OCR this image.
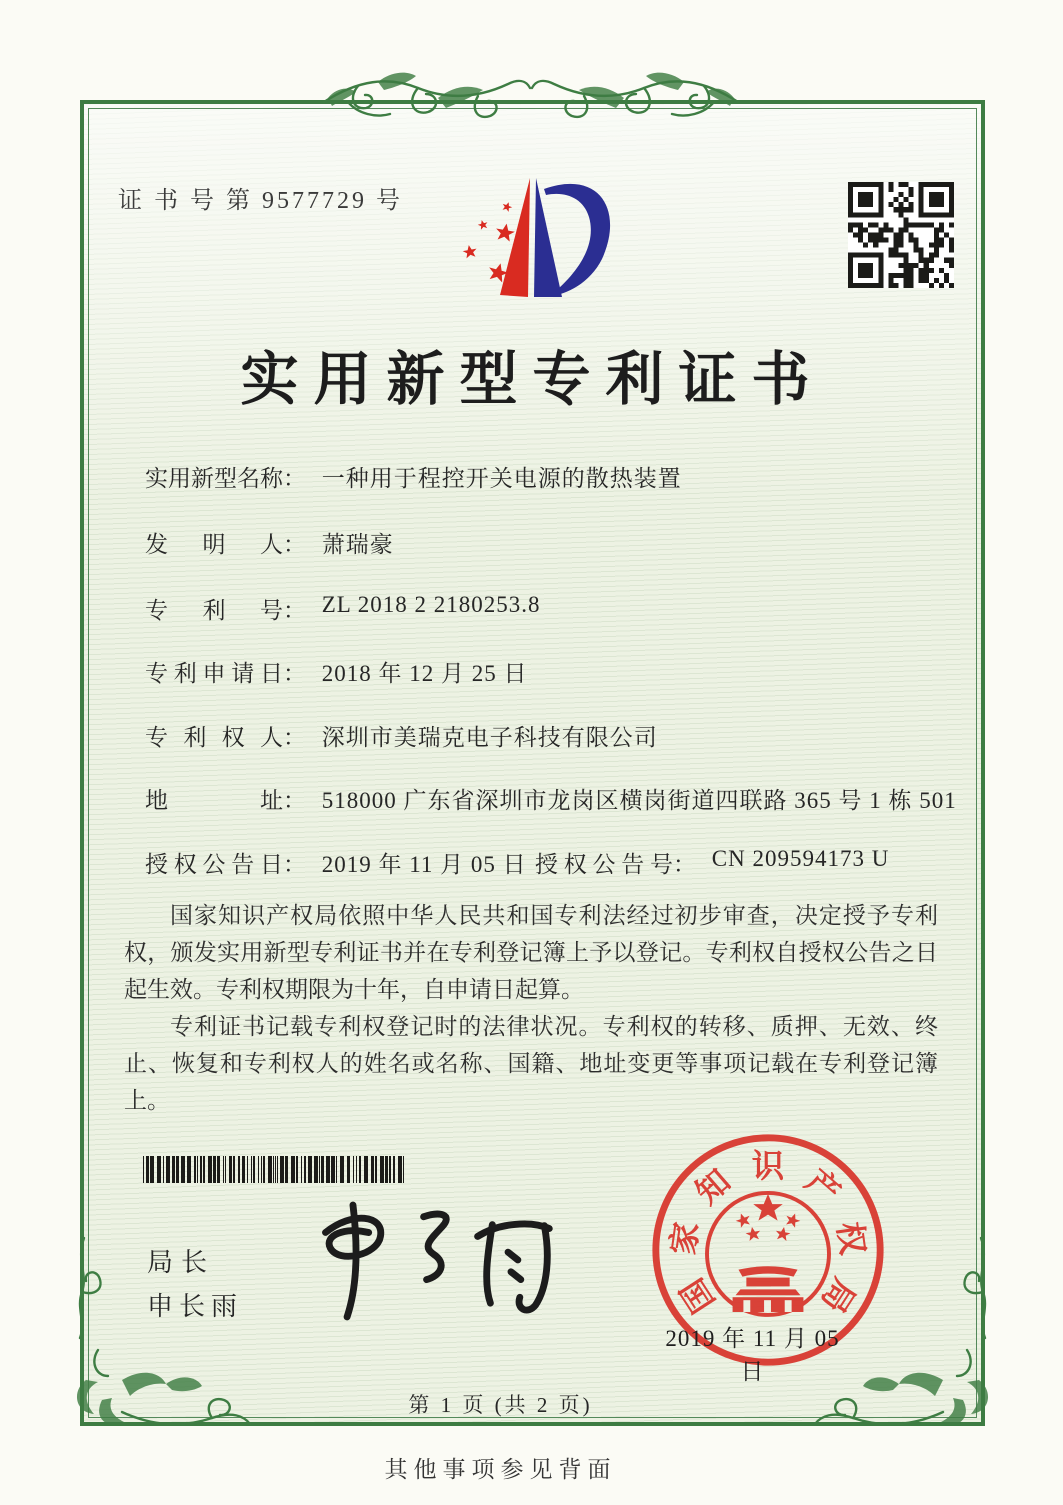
证 书 号 第 9577729 号
实用新型专利证书
实用新型名称： 一种用于程控开关电源的散热装置
发明人： 萧瑞豪
专利号： ZL 2018 2 2180253.8
专利申请日： 2018 年 12 月 25 日
专利权人： 深圳市美瑞克电子科技有限公司
地址： 518000 广东省深圳市龙岗区横岗街道四联路 365 号 1 栋 501
授权公告日： 2019 年 11 月 05 日 授权公告号： CN 209594173 U

国家知识产权局依照中华人民共和国专利法经过初步审查，决定授予专利权，颁发实用新型专利证书并在专利登记簿上予以登记。专利权自授权公告之日起生效。专利权期限为十年，自申请日起算。

专利证书记载专利权登记时的法律状况。专利权的转移、质押、无效、终止、恢复和专利权人的姓名或名称、国籍、地址变更等事项记载在专利登记簿上。

局长
申长雨	国
家
知 识 产
权
局
2019 年 11 月 05 日
第 1 页 (共 2 页)
其他事项参见背面
